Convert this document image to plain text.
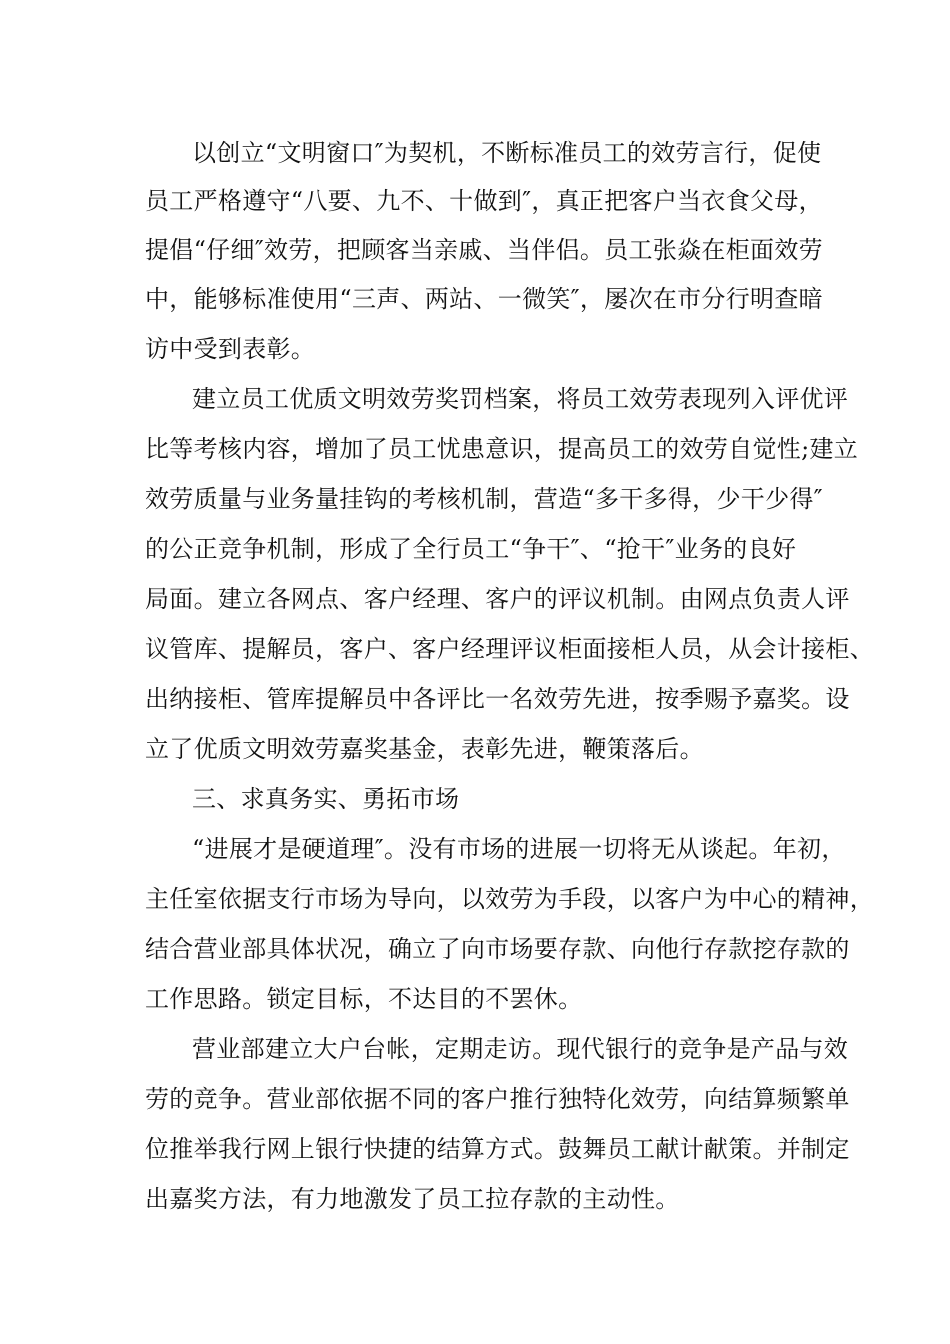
以创立“文明窗口″为契机，不断标准员工的效劳言行，促使
员工严格遵守“八要、九不、十做到″，真正把客户当衣食父母，
提倡“仔细″效劳，把顾客当亲戚、当伴侣。员工张焱在柜面效劳
中，能够标准使用“三声、两站、一微笑″，屡次在市分行明查暗
访中受到表彰。
建立员工优质文明效劳奖罚档案，将员工效劳表现列入评优评
比等考核内容，增加了员工忧患意识，提高员工的效劳自觉性;建立
效劳质量与业务量挂钩的考核机制，营造“多干多得，少干少得″
的公正竞争机制，形成了全行员工“争干″、“抢干″业务的良好
局面。建立各网点、客户经理、客户的评议机制。由网点负责人评
议管库、提解员，客户、客户经理评议柜面接柜人员，从会计接柜、
出纳接柜、管库提解员中各评比一名效劳先进，按季赐予嘉奖。设
立了优质文明效劳嘉奖基金，表彰先进，鞭策落后。
三、求真务实、勇拓市场
“进展才是硬道理″。没有市场的进展一切将无从谈起。年初，
主任室依据支行市场为导向，以效劳为手段，以客户为中心的精神，
结合营业部具体状况，确立了向市场要存款、向他行存款挖存款的
工作思路。锁定目标，不达目的不罢休。
营业部建立大户台帐，定期走访。现代银行的竞争是产品与效
劳的竞争。营业部依据不同的客户推行独特化效劳，向结算频繁单
位推举我行网上银行快捷的结算方式。鼓舞员工献计献策。并制定
出嘉奖方法，有力地激发了员工拉存款的主动性。
